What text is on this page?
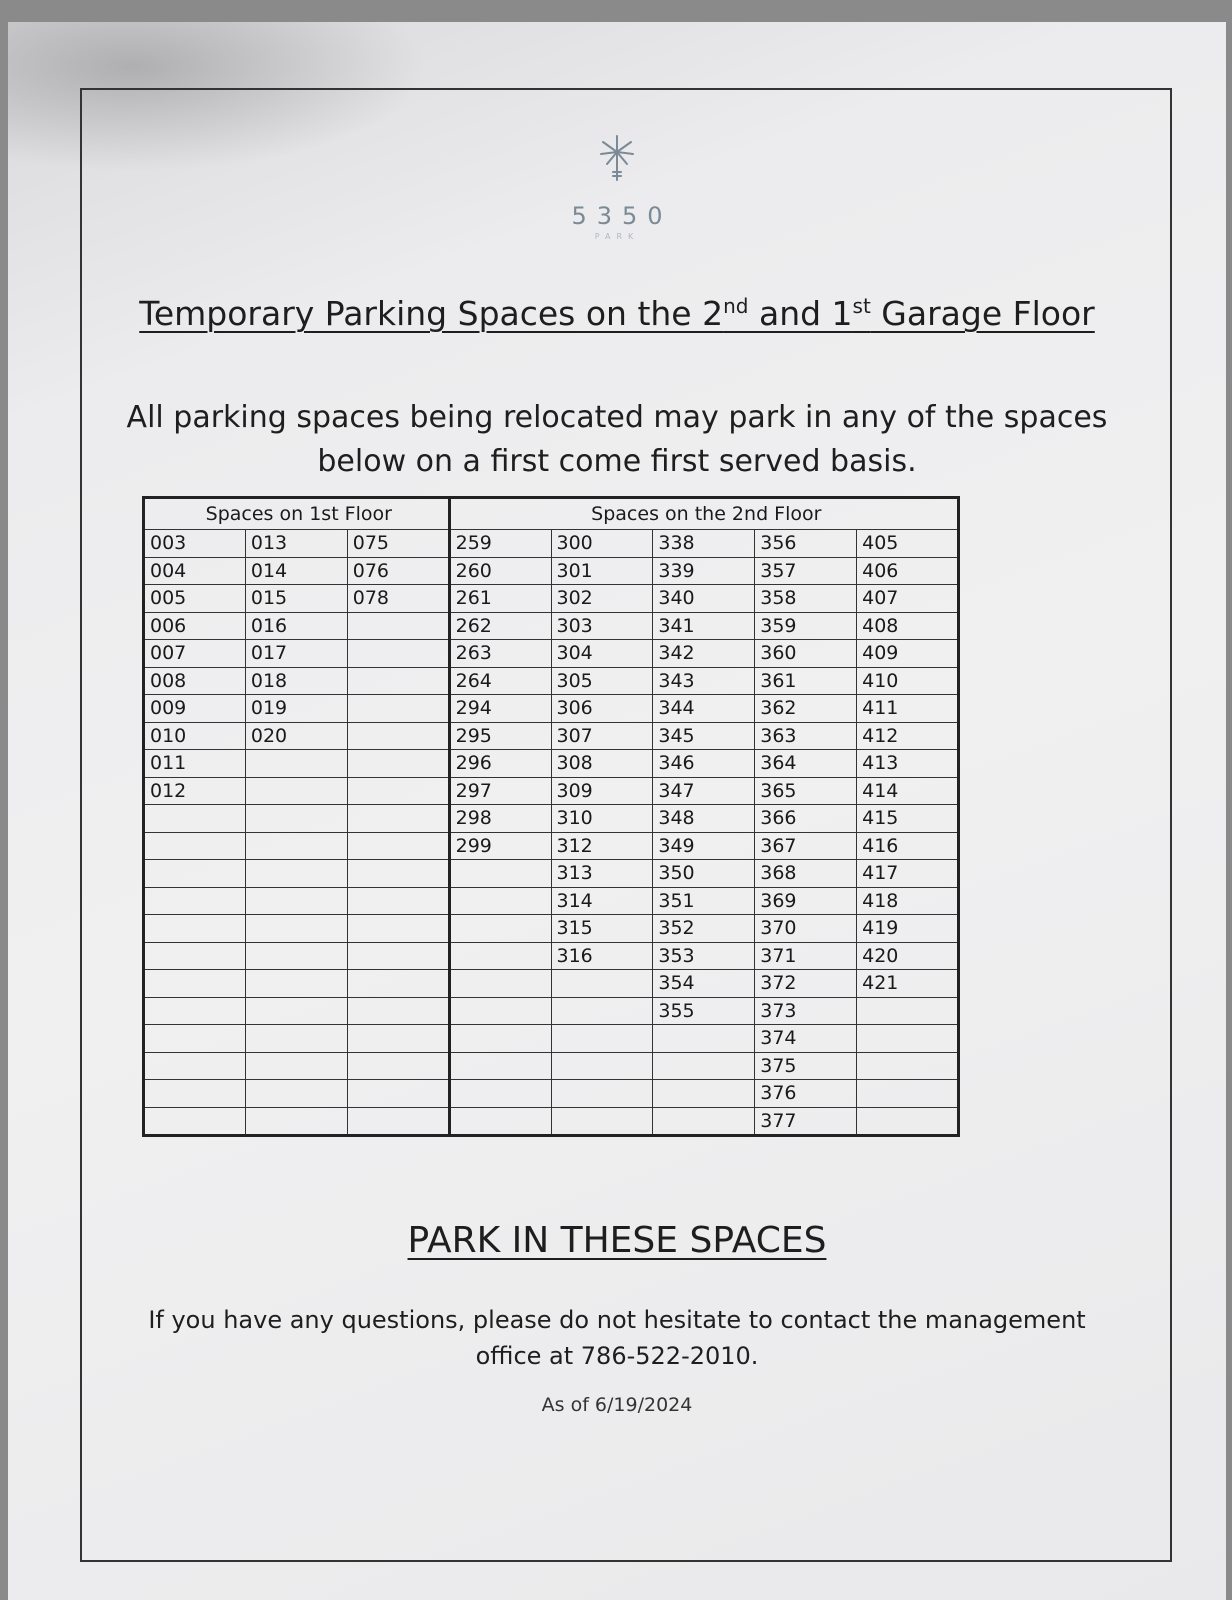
5350
PARK
Temporary Parking Spaces on the 2nd and 1st Garage Floor
All parking spaces being relocated may park in any of the spaces below on a first come first served basis.
Spaces on 1st Floor			Spaces on the 2nd Floor				
003	013	075	259	300	338	356	405
004	014	076	260	301	339	357	406
005	015	078	261	302	340	358	407
006	016		262	303	341	359	408
007	017		263	304	342	360	409
008	018		264	305	343	361	410
009	019		294	306	344	362	411
010	020		295	307	345	363	412
011			296	308	346	364	413
012			297	309	347	365	414
			298	310	348	366	415
			299	312	349	367	416
				313	350	368	417
				314	351	369	418
				315	352	370	419
				316	353	371	420
					354	372	421
					355	373	
						374	
						375	
						376	
						377	
PARK IN THESE SPACES
If you have any questions, please do not hesitate to contact the management office at 786-522-2010.
As of 6/19/2024
